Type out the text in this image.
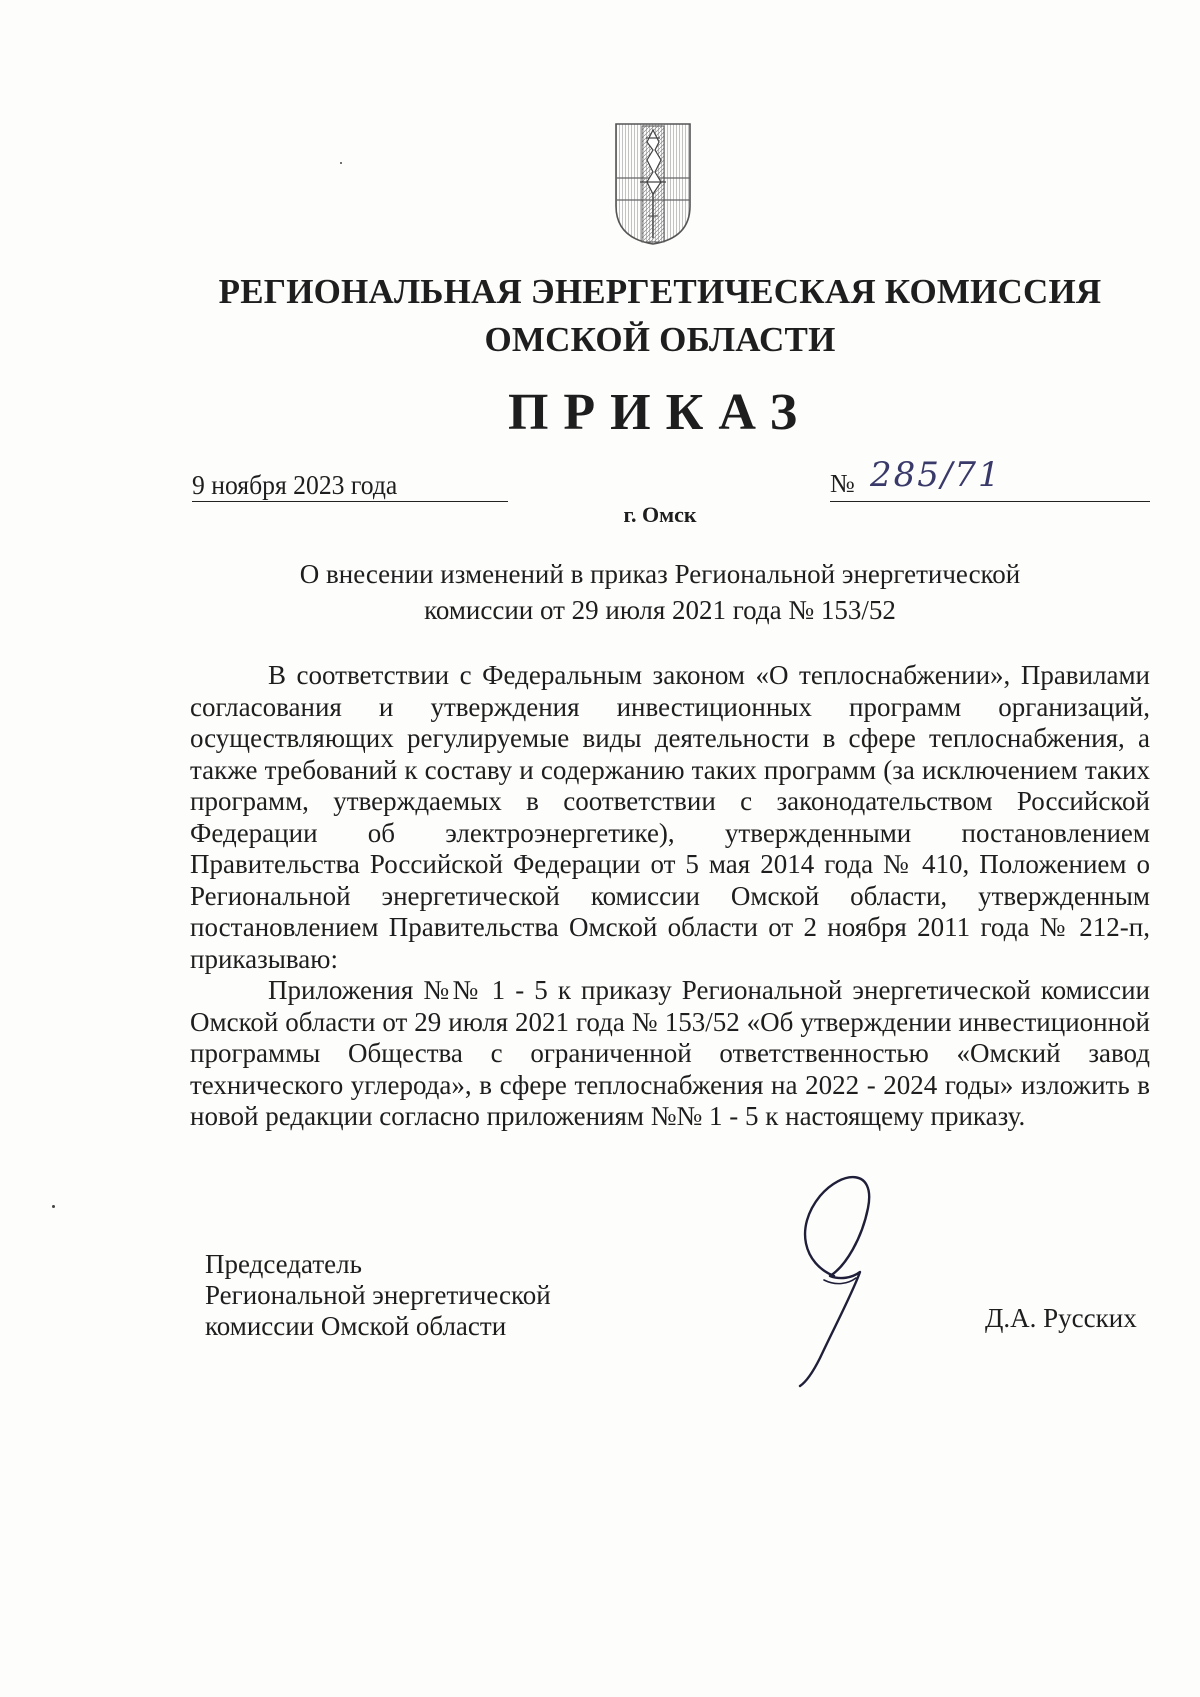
РЕГИОНАЛЬНАЯ ЭНЕРГЕТИЧЕСКАЯ КОМИССИЯ
ОМСКОЙ ОБЛАСТИ
ПРИКАЗ
9 ноября 2023 года	№ 285/71
г. Омск
О внесении изменений в приказ Региональной энергетической
комиссии от 29 июля 2021 года № 153/52

В соответствии с Федеральным законом «О теплоснабжении», Правилами согласования и утверждения инвестиционных программ организаций, осуществляющих регулируемые виды деятельности в сфере теплоснабжения, а также требований к составу и содержанию таких программ (за исключением таких программ, утверждаемых в соответствии с законодательством Российской Федерации об электроэнергетике), утвержденными постановлением Правительства Российской Федерации от 5 мая 2014 года № 410, Положением о Региональной энергетической комиссии Омской области, утвержденным постановлением Правительства Омской области от 2 ноября 2011 года № 212-п, приказываю:

Приложения №№ 1 - 5 к приказу Региональной энергетической комиссии Омской области от 29 июля 2021 года № 153/52 «Об утверждении инвестиционной программы Общества с ограниченной ответственностью «Омский завод технического углерода», в сфере теплоснабжения на 2022 - 2024 годы» изложить в новой редакции согласно приложениям №№ 1 - 5 к настоящему приказу.

Председатель
Региональной энергетической
комиссии Омской области	Д.А. Русских
